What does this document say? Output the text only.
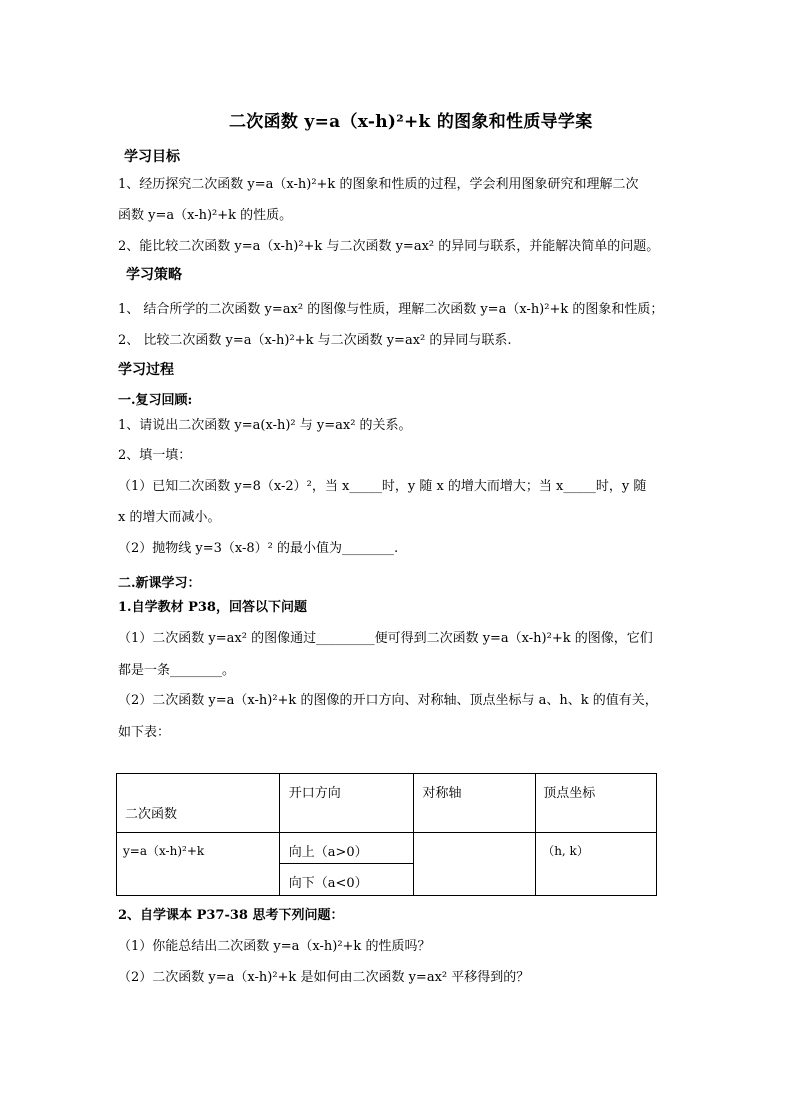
二次函数 y=a（x-h)²+k 的图象和性质导学案
学习目标
1、经历探究二次函数 y=a（x-h)²+k 的图象和性质的过程，学会利用图象研究和理解二次
函数 y=a（x-h)²+k 的性质。
2、能比较二次函数 y=a（x-h)²+k 与二次函数 y=ax² 的异同与联系，并能解决简单的问题。
学习策略
1、 结合所学的二次函数 y=ax² 的图像与性质，理解二次函数 y=a（x-h)²+k 的图象和性质；
2、 比较二次函数 y=a（x-h)²+k 与二次函数 y=ax² 的异同与联系.
学习过程
一.复习回顾:
1、请说出二次函数 y=a(x-h)² 与 y=ax² 的关系。
2、填一填：
（1）已知二次函数 y=8（x-2）²，当 x_____时，y 随 x 的增大而增大；当 x_____时，y 随
x 的增大而减小。
（2）抛物线 y=3（x-8）² 的最小值为________.
二.新课学习：
1.自学教材 P38，回答以下问题
（1）二次函数 y=ax² 的图像通过_________便可得到二次函数 y=a（x-h)²+k 的图像，它们
都是一条________。
（2）二次函数 y=a（x-h)²+k 的图像的开口方向、对称轴、顶点坐标与 a、h、k 的值有关，
如下表：
二次函数	开口方向	对称轴	顶点坐标

y=a（x-h)²+k	向上（a>0）		（h, k）

	向下（a<0）		
2、自学课本 P37-38 思考下列问题：
（1）你能总结出二次函数 y=a（x-h)²+k 的性质吗？
（2）二次函数 y=a（x-h)²+k 是如何由二次函数 y=ax² 平移得到的？
